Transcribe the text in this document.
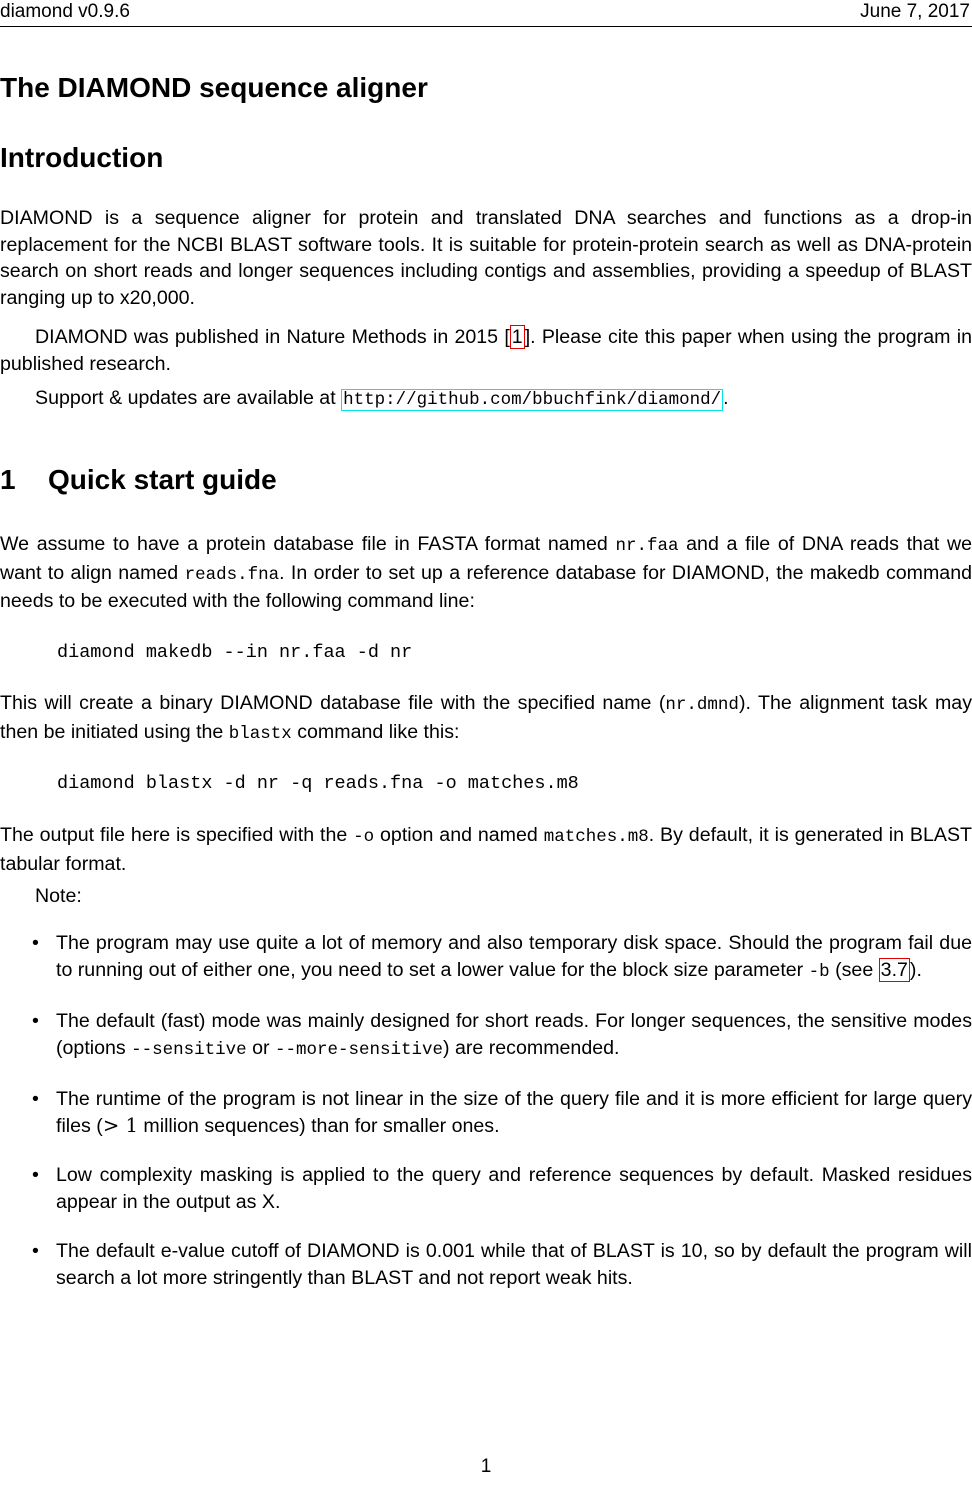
diamond v0.9.6	June 7, 2017
The DIAMOND sequence aligner
Introduction

DIAMOND is a sequence aligner for protein and translated DNA searches and functions as a drop-in replacement for the NCBI BLAST software tools. It is suitable for protein-protein search as well as DNA-protein search on short reads and longer sequences including contigs and assemblies, providing a speedup of BLAST ranging up to x20,000.

DIAMOND was published in Nature Methods in 2015 [ 1 ]. Please cite this paper when using the program in published research.

Support & updates are available at http://github.com/bbuchfink/diamond/ .

1 Quick start guide

We assume to have a protein database file in FASTA format named nr.faa and a file of DNA reads that we want to align named reads.fna. In order to set up a reference database for DIAMOND, the makedb command needs to be executed with the following command line:

diamond makedb --in nr.faa -d nr

This will create a binary DIAMOND database file with the specified name (nr.dmnd). The alignment task may then be initiated using the blastx command like this:

diamond blastx -d nr -q reads.fna -o matches.m8

The output file here is specified with the -o option and named matches.m8. By default, it is generated in BLAST tabular format.

Note:

• The program may use quite a lot of memory and also temporary disk space. Should the program fail due to running out of either one, you need to set a lower value for the block size parameter -b (see 3.7 ).
• The default (fast) mode was mainly designed for short reads. For longer sequences, the sensitive modes (options --sensitive or --more-sensitive) are recommended.
• The runtime of the program is not linear in the size of the query file and it is more efficient for large query files (> 1 million sequences) than for smaller ones.
• Low complexity masking is applied to the query and reference sequences by default. Masked residues appear in the output as X.
• The default e-value cutoff of DIAMOND is 0.001 while that of BLAST is 10, so by default the program will search a lot more stringently than BLAST and not report weak hits.
1
